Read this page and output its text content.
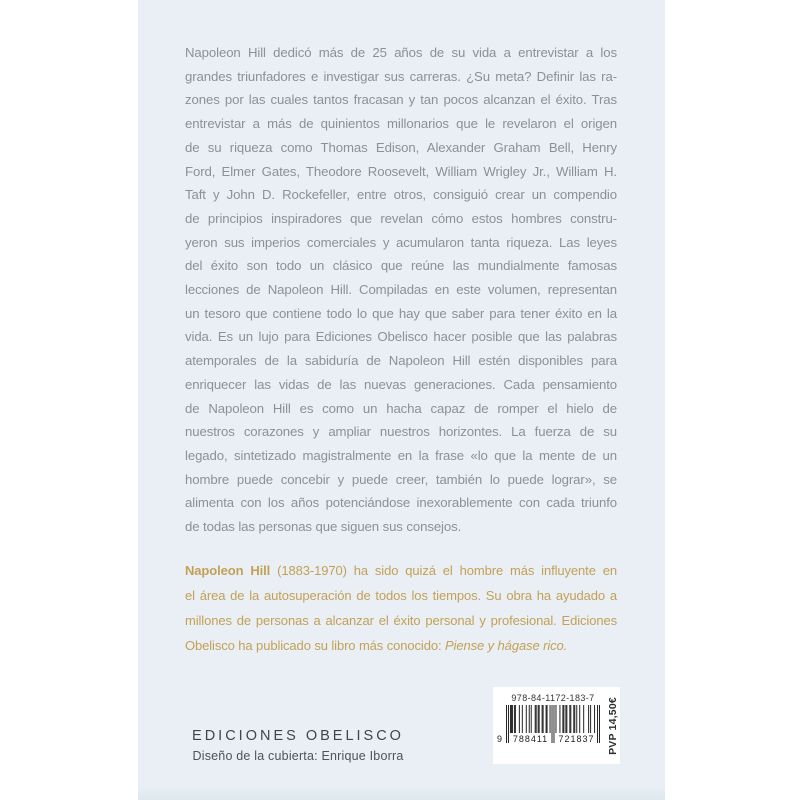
Napoleon Hill dedicó más de 25 años de su vida a entrevistar a los
grandes triunfadores e investigar sus carreras. ¿Su meta? Definir las ra-
zones por las cuales tantos fracasan y tan pocos alcanzan el éxito. Tras
entrevistar a más de quinientos millonarios que le revelaron el origen
de su riqueza como Thomas Edison, Alexander Graham Bell, Henry
Ford, Elmer Gates, Theodore Roosevelt, William Wrigley Jr., William H.
Taft y John D. Rockefeller, entre otros, consiguió crear un compendio
de principios inspiradores que revelan cómo estos hombres constru-
yeron sus imperios comerciales y acumularon tanta riqueza. Las leyes
del éxito son todo un clásico que reúne las mundialmente famosas
lecciones de Napoleon Hill. Compiladas en este volumen, representan
un tesoro que contiene todo lo que hay que saber para tener éxito en la
vida. Es un lujo para Ediciones Obelisco hacer posible que las palabras
atemporales de la sabiduría de Napoleon Hill estén disponibles para
enriquecer las vidas de las nuevas generaciones. Cada pensamiento
de Napoleon Hill es como un hacha capaz de romper el hielo de
nuestros corazones y ampliar nuestros horizontes. La fuerza de su
legado, sintetizado magistralmente en la frase «lo que la mente de un
hombre puede concebir y puede creer, también lo puede lograr», se
alimenta con los años potenciándose inexorablemente con cada triunfo
de todas las personas que siguen sus consejos.
Napoleon Hill (1883-1970) ha sido quizá el hombre más influyente en
el área de la autosuperación de todos los tiempos. Su obra ha ayudado a
millones de personas a alcanzar el éxito personal y profesional. Ediciones
Obelisco ha publicado su libro más conocido: Piense y hágase rico.
EDICIONES OBELISCO
Diseño de la cubierta: Enrique Iborra
978-84-1172-183-7
9 788411 721837 PVP 14,50€
